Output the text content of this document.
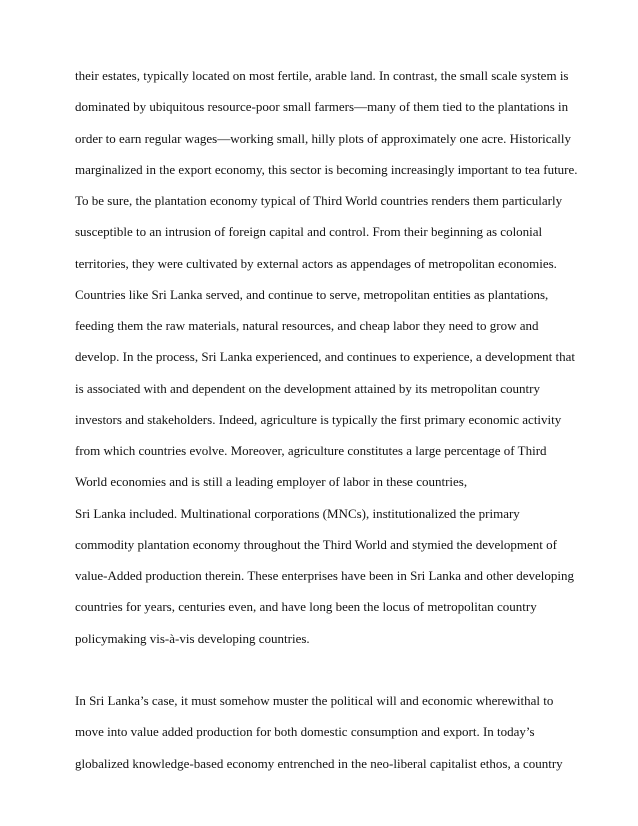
their estates, typically located on most fertile, arable land. In contrast, the small scale system is
dominated by ubiquitous resource-poor small farmers—many of them tied to the plantations in
order to earn regular wages—working small, hilly plots of approximately one acre. Historically
marginalized in the export economy, this sector is becoming increasingly important to tea future.
To be sure, the plantation economy typical of Third World countries renders them particularly
susceptible to an intrusion of foreign capital and control. From their beginning as colonial
territories, they were cultivated by external actors as appendages of metropolitan economies.
Countries like Sri Lanka served, and continue to serve, metropolitan entities as plantations,
feeding them the raw materials, natural resources, and cheap labor they need to grow and
develop. In the process, Sri Lanka experienced, and continues to experience, a development that
is associated with and dependent on the development attained by its metropolitan country
investors and stakeholders. Indeed, agriculture is typically the first primary economic activity
from which countries evolve. Moreover, agriculture constitutes a large percentage of Third
World economies and is still a leading employer of labor in these countries,
Sri Lanka included. Multinational corporations (MNCs), institutionalized the primary
commodity plantation economy throughout the Third World and stymied the development of
value-Added production therein. These enterprises have been in Sri Lanka and other developing
countries for years, centuries even, and have long been the locus of metropolitan country
policymaking vis-à-vis developing countries.
In Sri Lanka’s case, it must somehow muster the political will and economic wherewithal to
move into value added production for both domestic consumption and export. In today’s
globalized knowledge-based economy entrenched in the neo-liberal capitalist ethos, a country
